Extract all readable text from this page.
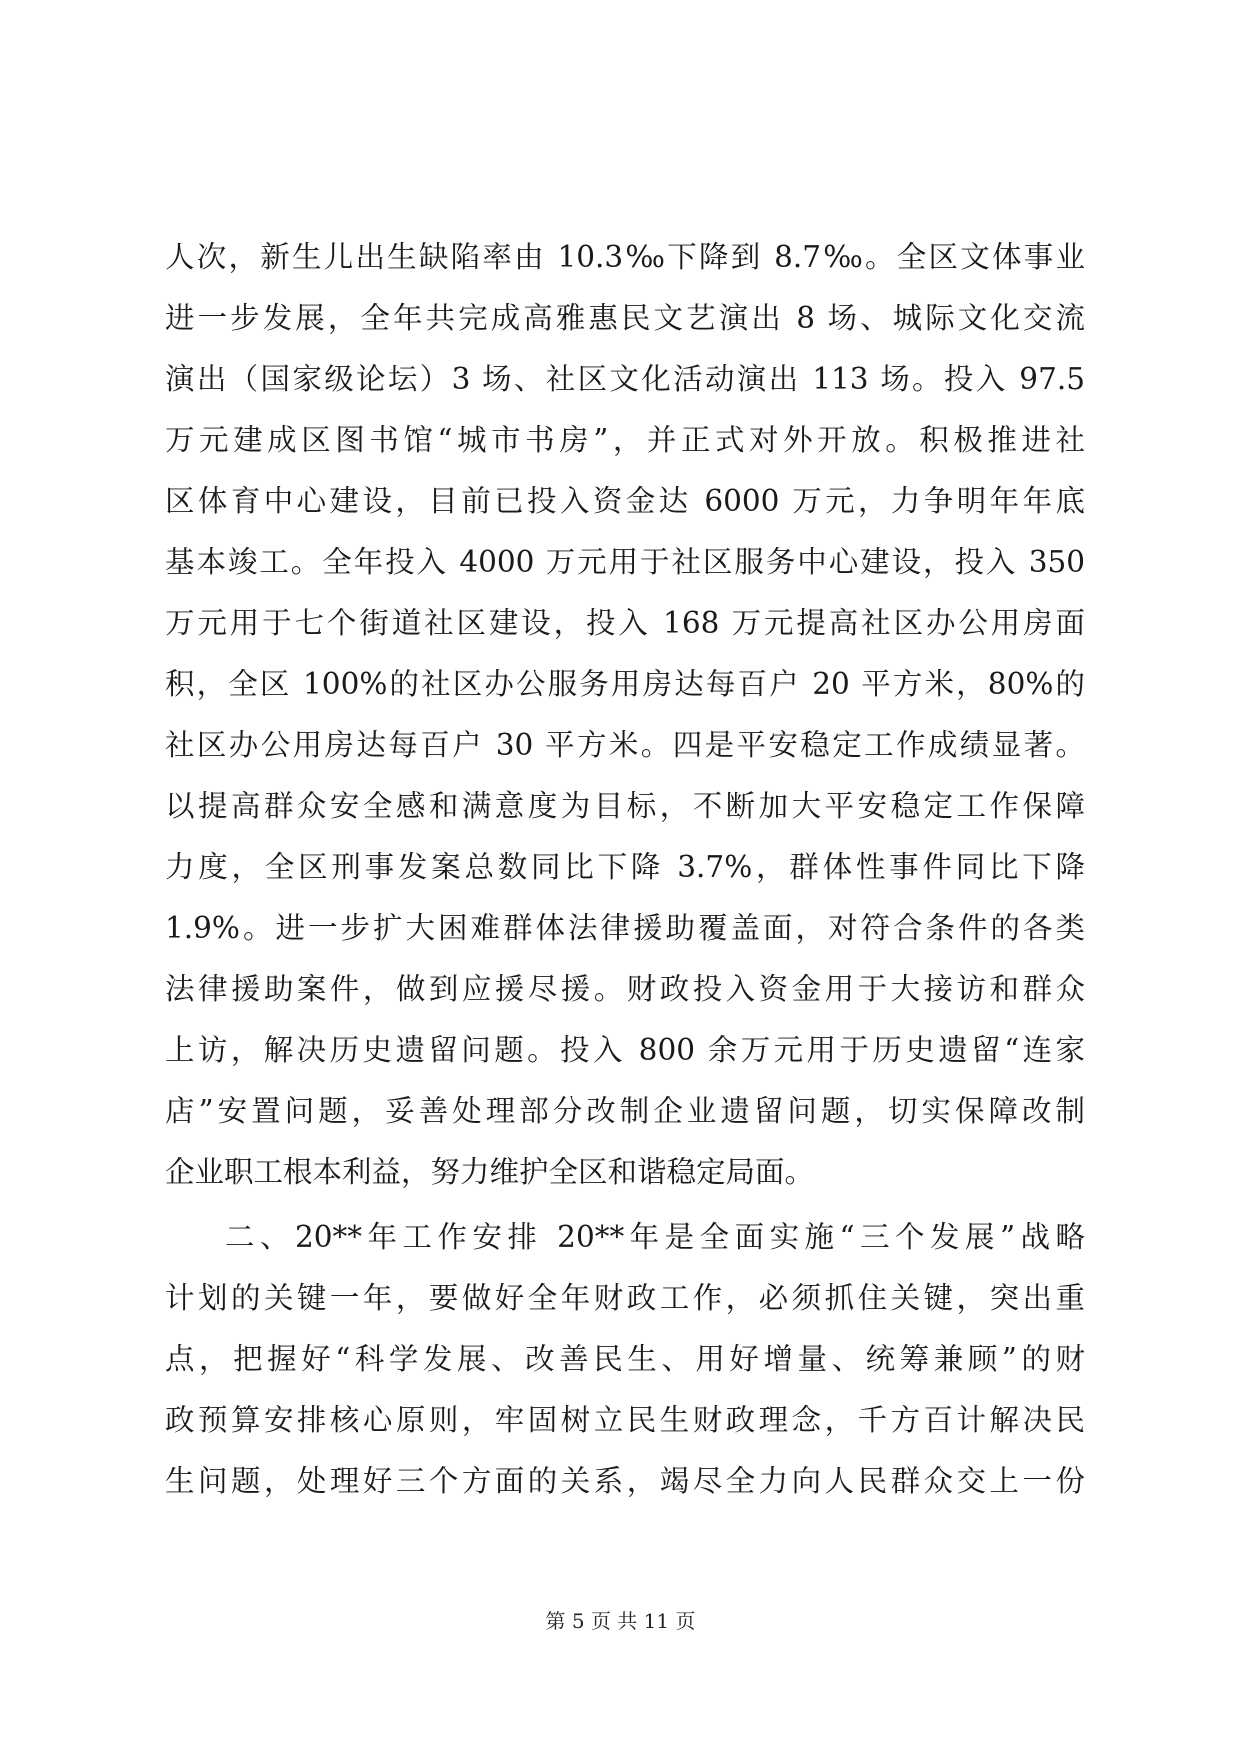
人次，新生儿出生缺陷率由 10.3‰下降到 8.7‰。全区文体事业
进一步发展，全年共完成高雅惠民文艺演出 8 场、城际文化交流
演出（国家级论坛）3 场、社区文化活动演出 113 场。投入 97.5
万元建成区图书馆“城市书房”，并正式对外开放。积极推进社
区体育中心建设，目前已投入资金达 6000 万元，力争明年年底
基本竣工。全年投入 4000 万元用于社区服务中心建设，投入 350
万元用于七个街道社区建设，投入 168 万元提高社区办公用房面
积，全区 100%的社区办公服务用房达每百户 20 平方米，80%的
社区办公用房达每百户 30 平方米。四是平安稳定工作成绩显著。
以提高群众安全感和满意度为目标，不断加大平安稳定工作保障
力度，全区刑事发案总数同比下降 3.7%，群体性事件同比下降
1.9%。进一步扩大困难群体法律援助覆盖面，对符合条件的各类
法律援助案件，做到应援尽援。财政投入资金用于大接访和群众
上访，解决历史遗留问题。投入 800 余万元用于历史遗留“连家
店”安置问题，妥善处理部分改制企业遗留问题，切实保障改制
企业职工根本利益，努力维护全区和谐稳定局面。
二、20**年工作安排 20**年是全面实施“三个发展”战略
计划的关键一年，要做好全年财政工作，必须抓住关键，突出重
点，把握好“科学发展、改善民生、用好增量、统筹兼顾”的财
政预算安排核心原则，牢固树立民生财政理念，千方百计解决民
生问题，处理好三个方面的关系，竭尽全力向人民群众交上一份
第 5 页 共 11 页
